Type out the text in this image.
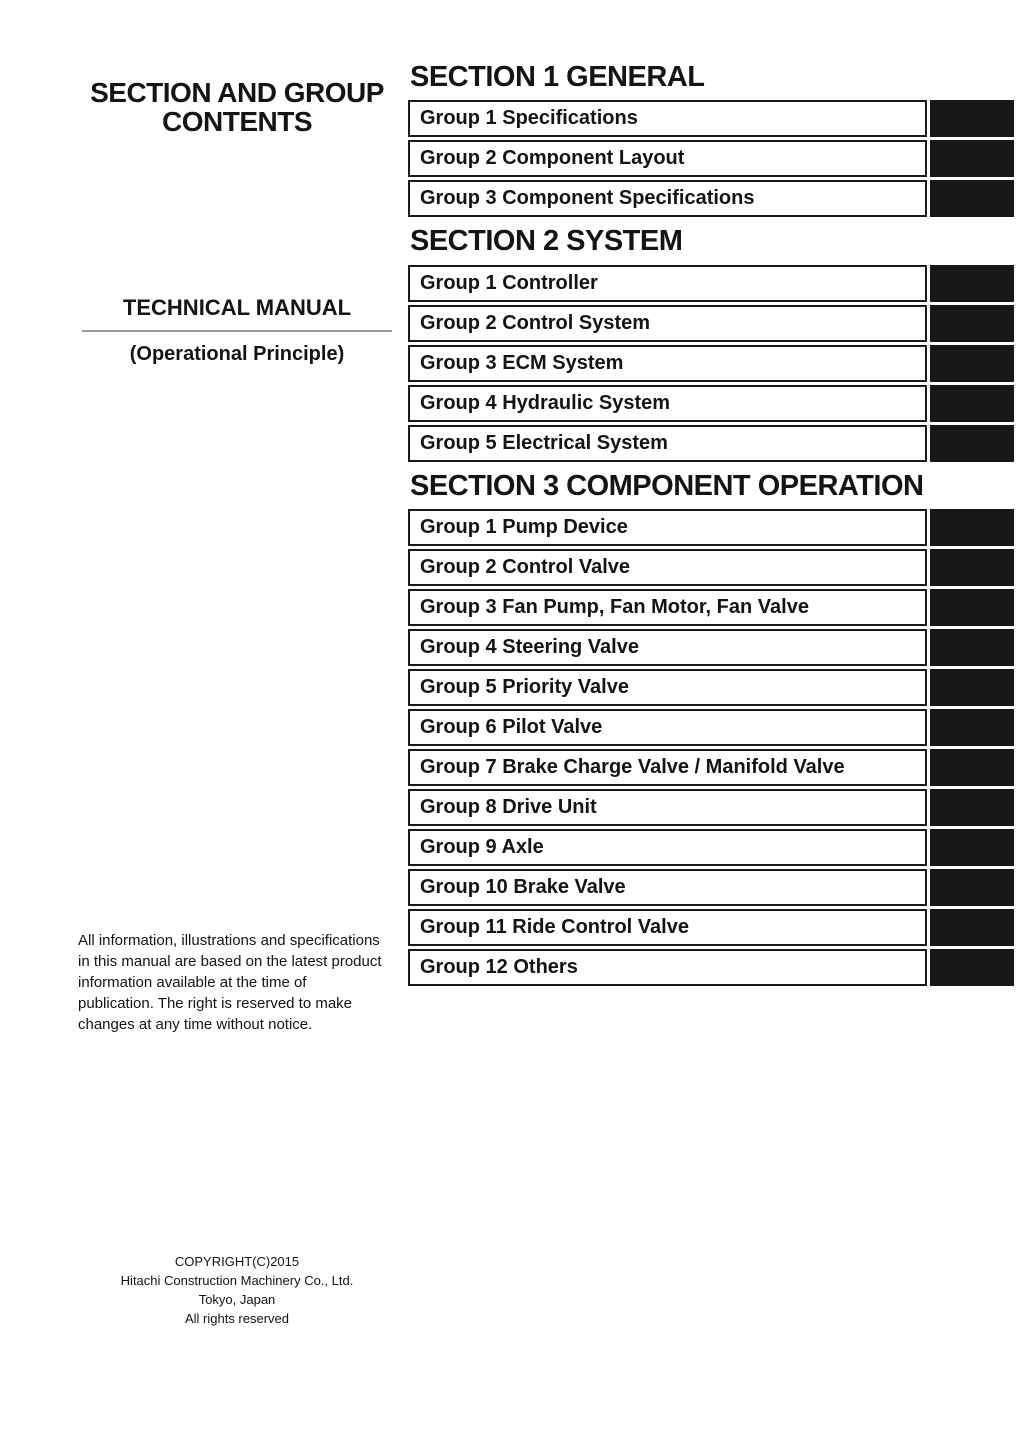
SECTION AND GROUP
CONTENTS
TECHNICAL MANUAL
(Operational Principle)
All information, illustrations and specifications in this manual are based on the latest product information available at the time of publication. The right is reserved to make changes at any time without notice.
COPYRIGHT(C)2015
Hitachi Construction Machinery Co., Ltd.
Tokyo, Japan
All rights reserved
SECTION 1 GENERAL
Group 1 Specifications
Group 2 Component Layout
Group 3 Component Specifications
SECTION 2 SYSTEM
Group 1 Controller
Group 2 Control System
Group 3 ECM System
Group 4 Hydraulic System
Group 5 Electrical System
SECTION 3 COMPONENT OPERATION
Group 1 Pump Device
Group 2 Control Valve
Group 3 Fan Pump, Fan Motor, Fan Valve
Group 4 Steering Valve
Group 5 Priority Valve
Group 6 Pilot Valve
Group 7 Brake Charge Valve / Manifold Valve
Group 8 Drive Unit
Group 9 Axle
Group 10 Brake Valve
Group 11 Ride Control Valve
Group 12 Others
